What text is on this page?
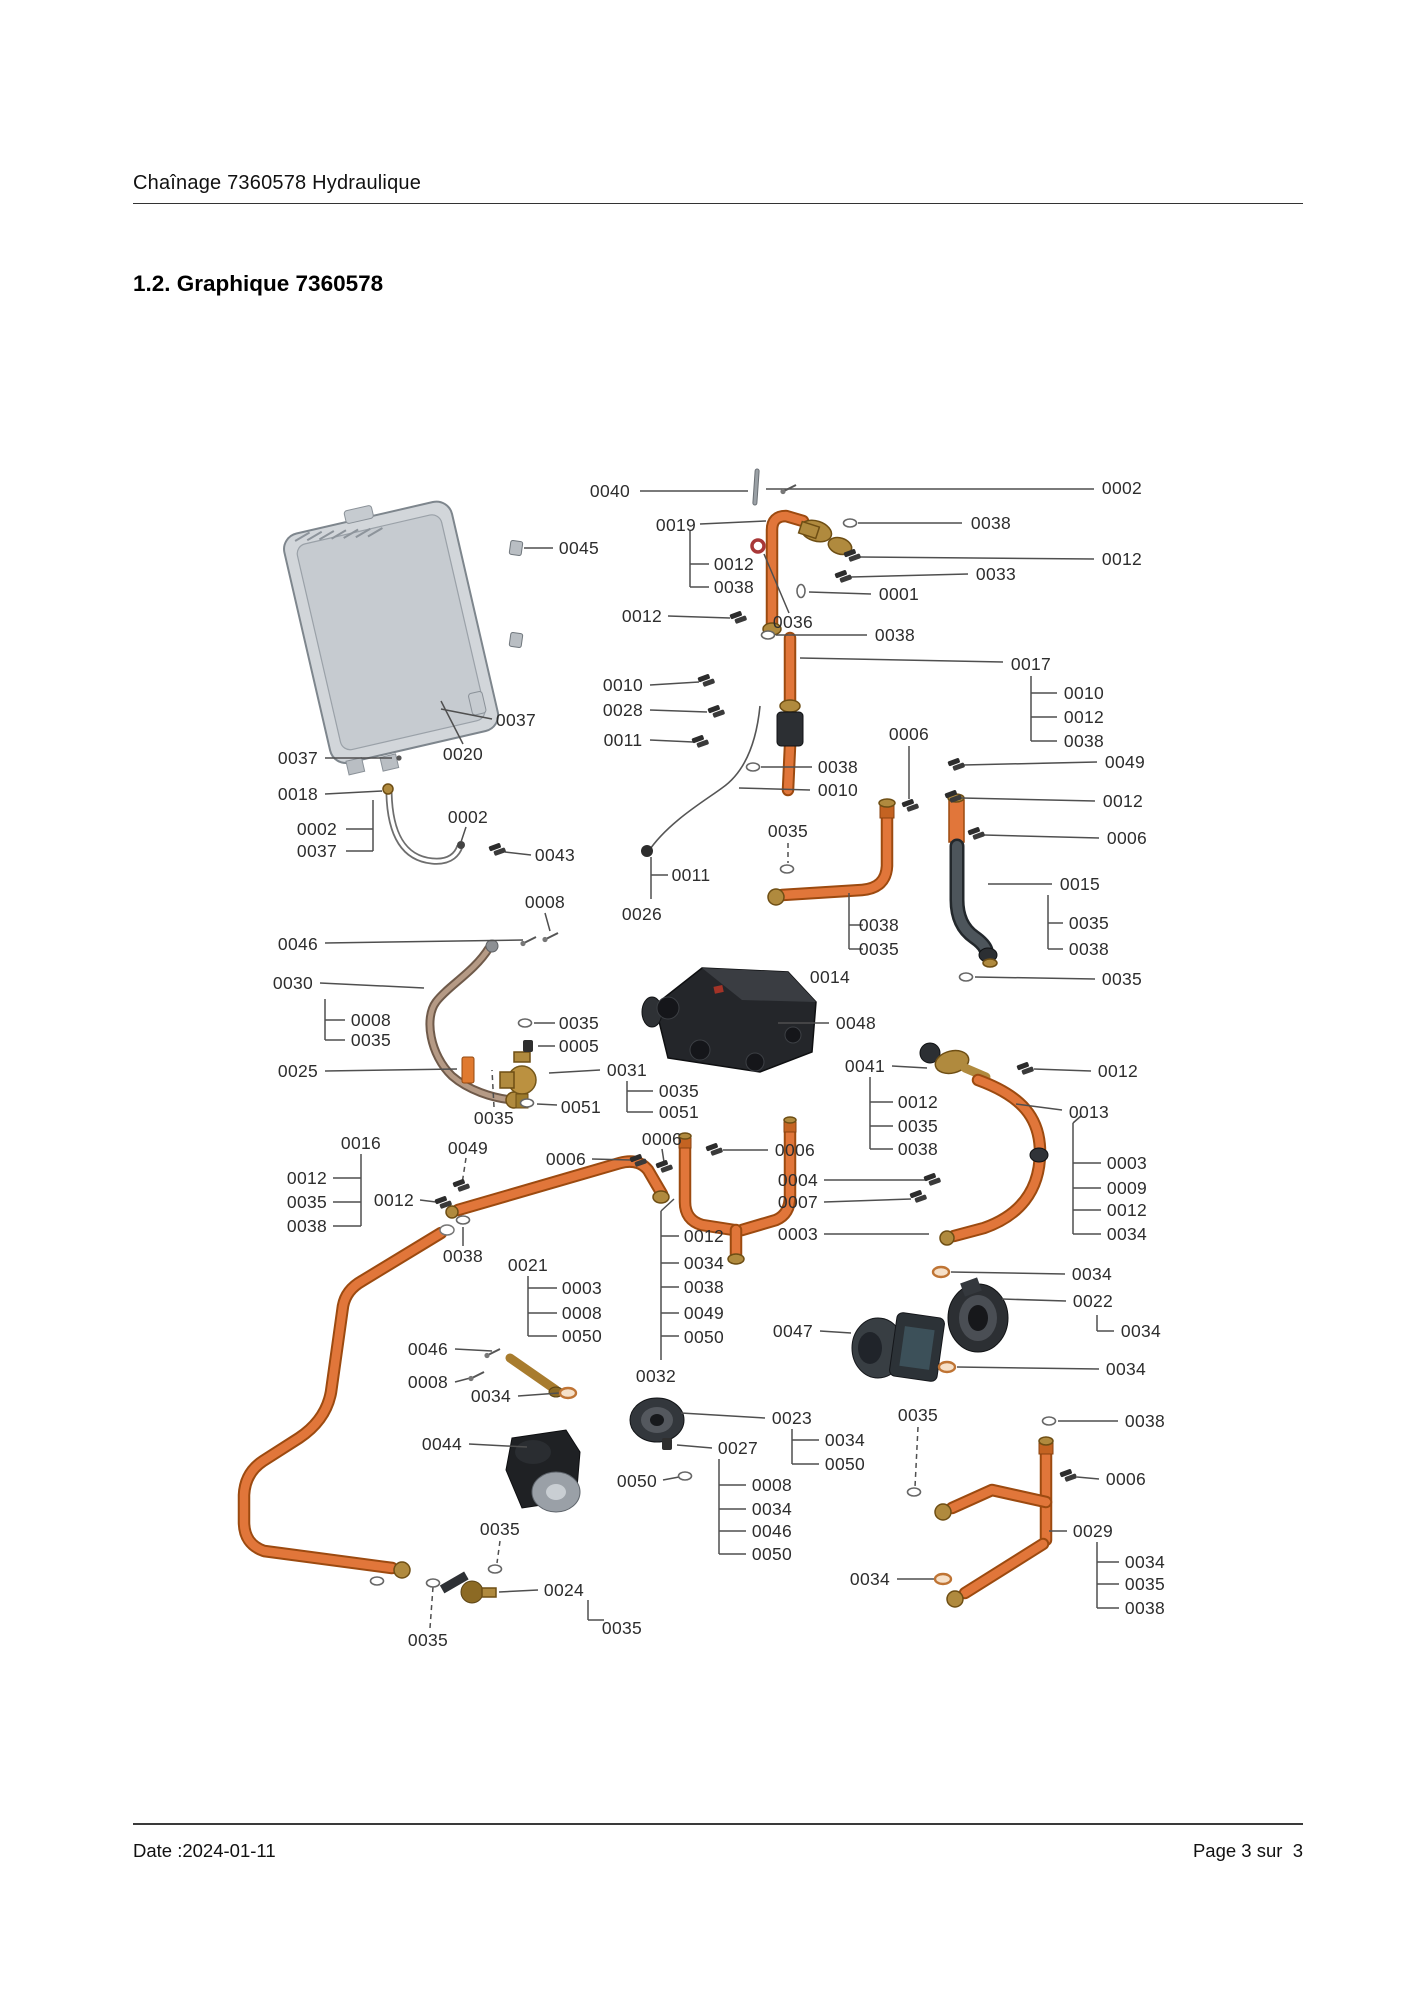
Chaînage 7360578 Hydraulique
1.2. Graphique 7360578
0040	0002
0019	0038
0045
0012
0038
0012
0033
0001
0012	0036
0038
0017
0010
0012
0038
0010
0028
0011	0006
0049
0038
0010
0012
0037
0020
0037
0018
0002
0037
0002
0043
0006
0035
0011
0026
0015
0035
0038
0008
0046
0038
0035
0014	0035
0030
0008
0035
0035
0005
0048
0025	0031	0041	0012
0035
0051
0035
0051	0013
0012
0035
0038
0016	0049	0006
0006	0006
0012
0035
0038
0012
0004
0007
0003
0003
0009
0012
0034
0038 0021
0003
0008
0050
0012
0034
0038
0049
0050
0032
0034
0022
0034
0047
0034
0046
0008
0034
0023	0035	0038
0034
0050
0044	0027
0050	0008
0034
0046
0050
0006
0029
0034
0035
0038
0034
0035
0024
0035
0035
Date :2024-01-11	Page 3 sur  3
